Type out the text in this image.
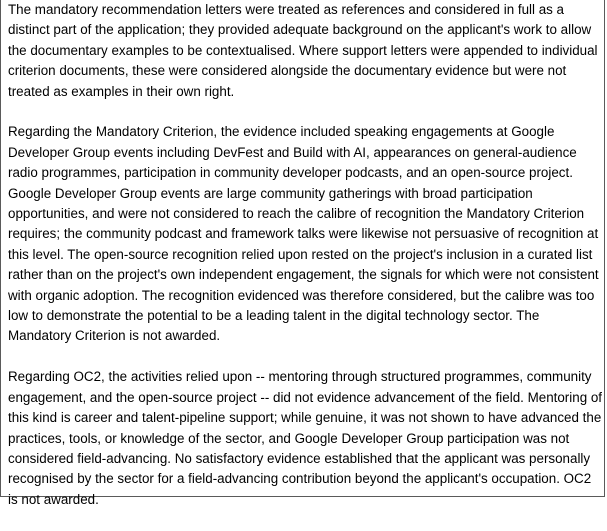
The mandatory recommendation letters were treated as references and considered in full as a
distinct part of the application; they provided adequate background on the applicant's work to allow
the documentary examples to be contextualised. Where support letters were appended to individual
criterion documents, these were considered alongside the documentary evidence but were not
treated as examples in their own right.

Regarding the Mandatory Criterion, the evidence included speaking engagements at Google
Developer Group events including DevFest and Build with AI, appearances on general-audience
radio programmes, participation in community developer podcasts, and an open-source project.
Google Developer Group events are large community gatherings with broad participation
opportunities, and were not considered to reach the calibre of recognition the Mandatory Criterion
requires; the community podcast and framework talks were likewise not persuasive of recognition at
this level. The open-source recognition relied upon rested on the project's inclusion in a curated list
rather than on the project's own independent engagement, the signals for which were not consistent
with organic adoption. The recognition evidenced was therefore considered, but the calibre was too
low to demonstrate the potential to be a leading talent in the digital technology sector. The
Mandatory Criterion is not awarded.

Regarding OC2, the activities relied upon -- mentoring through structured programmes, community
engagement, and the open-source project -- did not evidence advancement of the field. Mentoring of
this kind is career and talent-pipeline support; while genuine, it was not shown to have advanced the
practices, tools, or knowledge of the sector, and Google Developer Group participation was not
considered field-advancing. No satisfactory evidence established that the applicant was personally
recognised by the sector for a field-advancing contribution beyond the applicant's occupation. OC2
is not awarded.
